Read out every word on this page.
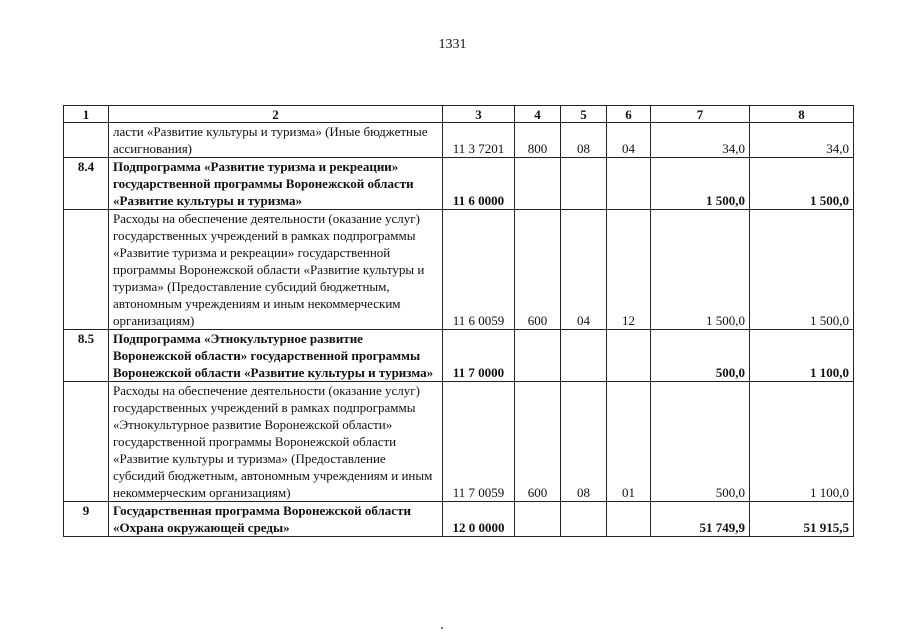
1331
1	2	3	4	5	6	7	8
	ласти «Развитие культуры и туризма» (Иные бюджетные ассигнования)	11 3 7201	800	08	04	34,0	34,0
8.4	Подпрограмма «Развитие туризма и рекреации» государственной программы Воронежской области «Развитие культуры и туризма»	11 6 0000				1 500,0	1 500,0
	Расходы на обеспечение деятельности (оказание услуг) государственных учреждений в рамках подпрограммы «Развитие туризма и рекреации» государственной программы Воронежской области «Развитие культуры и туризма» (Предоставление субсидий бюджетным, автономным учреждениям и иным некоммерческим организациям)	11 6 0059	600	04	12	1 500,0	1 500,0
8.5	Подпрограмма «Этнокультурное развитие Воронежской области» государственной программы Воронежской области «Развитие культуры и туризма»	11 7 0000				500,0	1 100,0
	Расходы на обеспечение деятельности (оказание услуг) государственных учреждений в рамках подпрограммы «Этнокультурное развитие Воронежской области» государственной программы Воронежской области «Развитие культуры и туризма» (Предоставление субсидий бюджетным, автономным учреждениям и иным некоммерческим организациям)	11 7 0059	600	08	01	500,0	1 100,0
9	Государственная программа Воронежской области «Охрана окружающей среды»	12 0 0000				51 749,9	51 915,5
